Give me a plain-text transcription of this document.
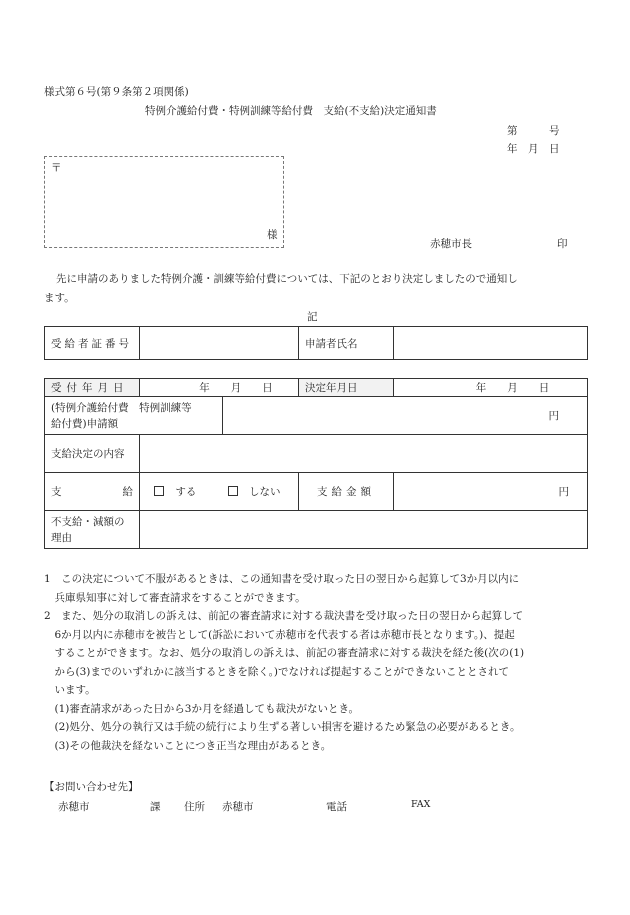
様式第６号(第９条第２項関係)
特例介護給付費・特例訓練等給付費　支給(不支給)決定通知書
第　　　号
年　月　日
〒
様
赤穂市長	印
先に申請のありました特例介護・訓練等給付費については、下記のとおり決定しましたので通知し
ます。
記
受給者証番号		申請者氏名	
受付年月日	年　　月　　日		決定年月日	年　　月　　日

(特例介護給付費　特例訓練等
給付費)申請額		円		
支給決定の内容				
支 給	する しない		支給金額	円

不支給・減額の
理由				

1　この決定について不服があるときは、この通知書を受け取った日の翌日から起算して3か月以内に
　兵庫県知事に対して審査請求をすることができます。
2　また、処分の取消しの訴えは、前記の審査請求に対する裁決書を受け取った日の翌日から起算して
　6か月以内に赤穂市を被告として(訴訟において赤穂市を代表する者は赤穂市長となります。)、提起
　することができます。なお、処分の取消しの訴えは、前記の審査請求に対する裁決を経た後(次の(1)
　から(3)までのいずれかに該当するときを除く。)でなければ提起することができないこととされて
　います。
　(1)審査請求があった日から3か月を経過しても裁決がないとき。
　(2)処分、処分の執行又は手続の続行により生ずる著しい損害を避けるため緊急の必要があるとき。
　(3)その他裁決を経ないことにつき正当な理由があるとき。
【お問い合わせ先】
赤穂市	課 住所 赤穂市	電話	FAX
